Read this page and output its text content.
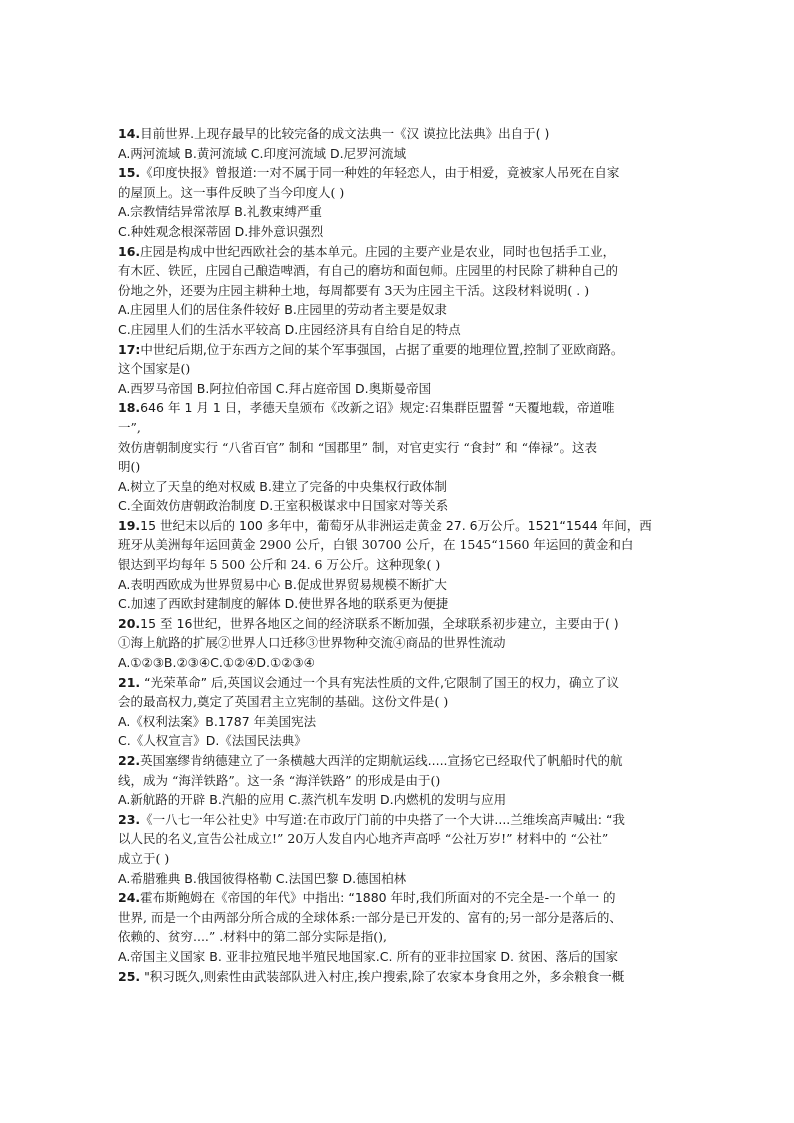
14.目前世界.上现存最早的比较完备的成文法典一《汉 谟拉比法典》出自于( )
A.两河流域 B.黄河流域 C.印度河流域 D.尼罗河流域
15.《印度快报》曾报道:一对不属于同一种姓的年轻恋人，由于相爱，竟被家人吊死在自家
的屋顶上。这一事件反映了当今印度人( )
A.宗教情结异常浓厚 B.礼教束缚严重
C.种姓观念根深蒂固 D.排外意识强烈
16.庄园是构成中世纪西欧社会的基本单元。庄园的主要产业是农业，同时也包括手工业，
有木匠、铁匠，庄园自己酿造啤酒，有自己的磨坊和面包师。庄园里的村民除了耕种自己的
份地之外，还要为庄园主耕种土地，每周都要有 3天为庄园主干活。这段材料说明( . )
A.庄园里人们的居住条件较好 B.庄园里的劳动者主要是奴隶
C.庄园里人们的生活水平较高 D.庄园经济具有自给自足的特点
17:中世纪后期,位于东西方之间的某个军事强国，占据了重要的地理位置,控制了亚欧商路。
这个国家是()
A.西罗马帝国 B.阿拉伯帝国 C.拜占庭帝国 D.奥斯曼帝国
18.646 年 1 月 1 日，孝德天皇颁布《改新之诏》规定:召集群臣盟誓 “天覆地载，帝道唯
一”,
效仿唐朝制度实行 “八省百官” 制和 “国郡里” 制，对官吏实行 “食封” 和 “俸禄”。这表
明()
A.树立了天皇的绝对权威 B.建立了完备的中央集权行政体制
C.全面效仿唐朝政治制度 D.王室积极谋求中日国家对等关系
19.15 世纪末以后的 100 多年中，葡萄牙从非洲运走黄金 27. 6万公斤。1521“1544 年间，西
班牙从美洲每年运回黄金 2900 公斤，白银 30700 公斤，在 1545“1560 年运回的黄金和白
银达到平均每年 5 500 公斤和 24. 6 万公斤。这种现象( )
A.表明西欧成为世界贸易中心 B.促成世界贸易规模不断扩大
C.加速了西欧封建制度的解体 D.使世界各地的联系更为便捷
20.15 至 16世纪，世界各地区之间的经济联系不断加强，全球联系初步建立，主要由于( )
①海上航路的扩展②世界人口迁移③世界物种交流④商品的世界性流动
A.①②③B.②③④C.①②④D.①②③④
21. “光荣革命” 后,英国议会通过一个具有宪法性质的文件,它限制了国王的权力，确立了议
会的最高权力,奠定了英国君主立宪制的基础。这份文件是( )
A.《权利法案》B.1787 年美国宪法
C.《人权宣言》D.《法国民法典》
22.英国塞缪肯纳德建立了一条横越大西洋的定期航运线.....宣扬它已经取代了帆船时代的航
线，成为 “海洋铁路”。这一条 “海洋铁路” 的形成是由于()
A.新航路的开辟 B.汽船的应用 C.蒸汽机车发明 D.内燃机的发明与应用
23.《一八七一年公社史》中写道:在市政厅门前的中央搭了一个大讲....兰维埃高声喊出: “我
以人民的名义,宣告公社成立!” 20万人发自内心地齐声高呼 “公社万岁!” 材料中的 “公社”
成立于( )
A.希腊雅典 B.俄国彼得格勒 C.法国巴黎 D.德国柏林
24.霍布斯鲍姆在《帝国的年代》中指出: “1880 年时,我们所面对的不完全是-一个单一 的
世界, 而是一个由两部分所合成的全球体系:一部分是已开发的、富有的;另一部分是落后的、
依赖的、贫穷....” .材料中的第二部分实际是指(),
A.帝国主义国家 B. 亚非拉殖民地半殖民地国家.C. 所有的亚非拉国家 D. 贫困、落后的国家
25. "积习既久,则索性由武装部队进入村庄,挨户搜索,除了农家本身食用之外，多余粮食一概
